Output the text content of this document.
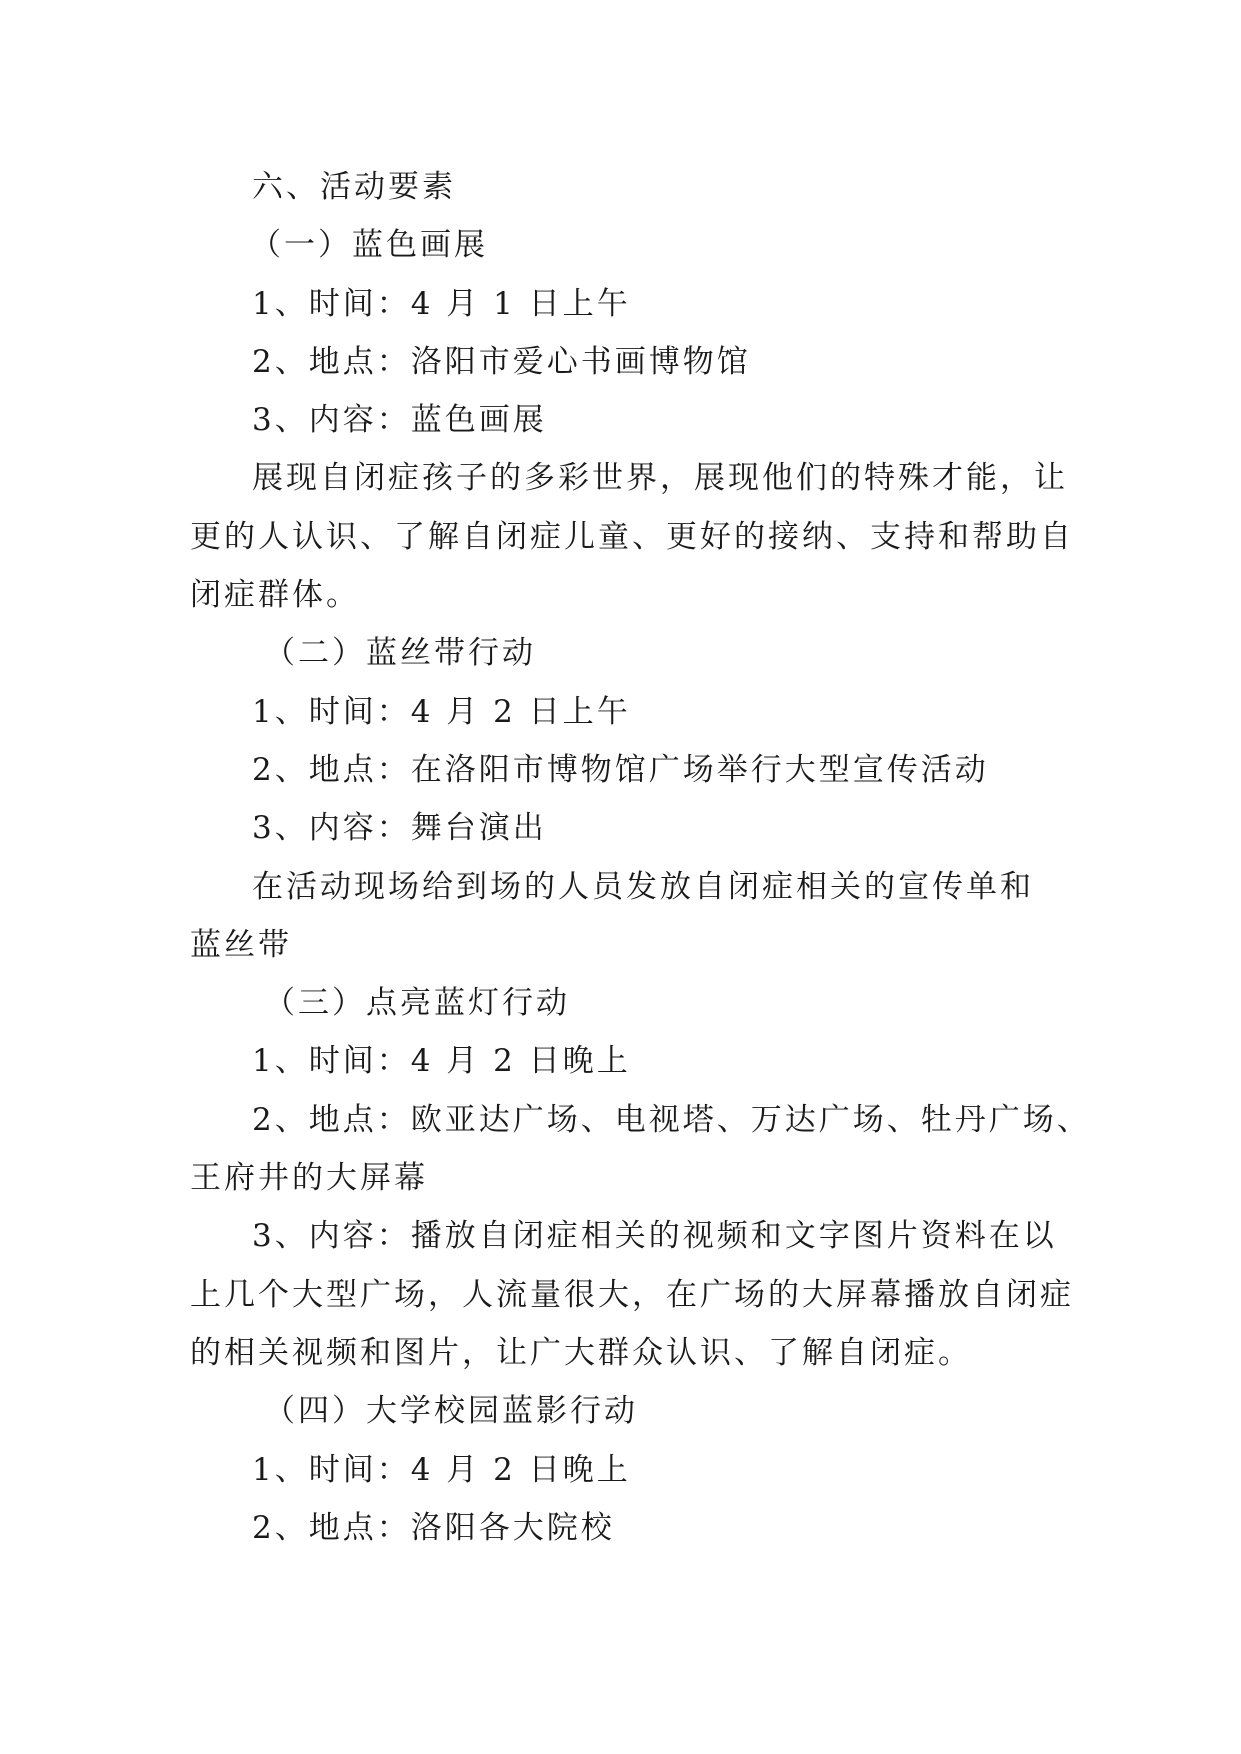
六、活动要素
（一）蓝色画展
1、时间：4 月 1 日上午
2、地点：洛阳市爱心书画博物馆
3、内容：蓝色画展
展现自闭症孩子的多彩世界，展现他们的特殊才能，让
更的人认识、了解自闭症儿童、更好的接纳、支持和帮助自
闭症群体。
（二）蓝丝带行动
1、时间：4 月 2 日上午
2、地点：在洛阳市博物馆广场举行大型宣传活动
3、内容：舞台演出
在活动现场给到场的人员发放自闭症相关的宣传单和
蓝丝带
（三）点亮蓝灯行动
1、时间：4 月 2 日晚上
2、地点：欧亚达广场、电视塔、万达广场、牡丹广场、
王府井的大屏幕
3、内容：播放自闭症相关的视频和文字图片资料在以
上几个大型广场，人流量很大，在广场的大屏幕播放自闭症
的相关视频和图片，让广大群众认识、了解自闭症。
（四）大学校园蓝影行动
1、时间：4 月 2 日晚上
2、地点：洛阳各大院校
